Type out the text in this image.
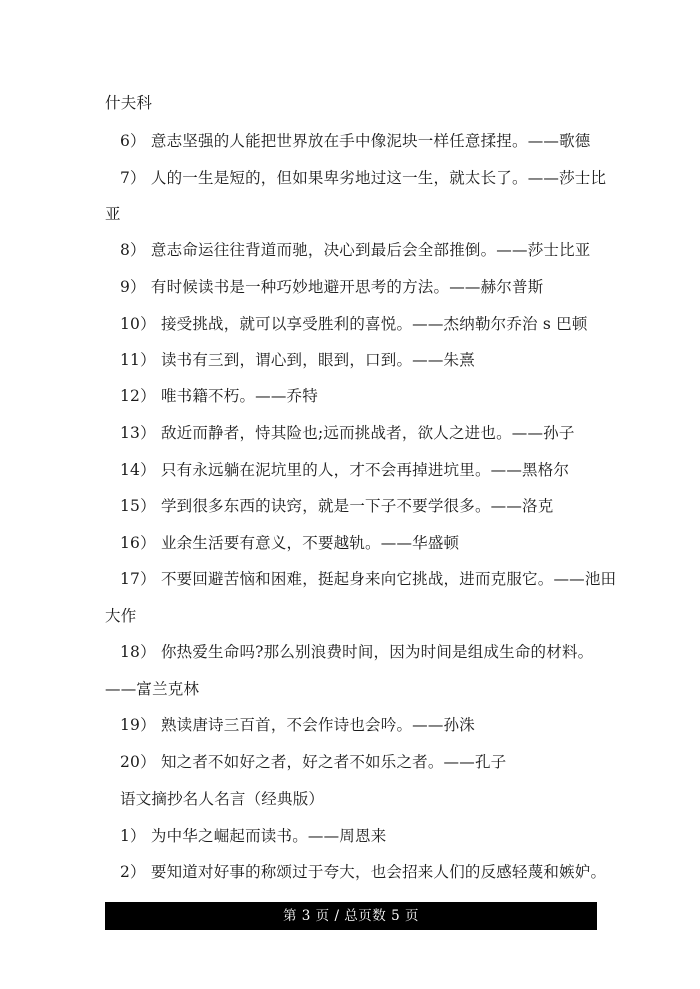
什夫科
6） 意志坚强的人能把世界放在手中像泥块一样任意揉捏。——歌德
7） 人的一生是短的，但如果卑劣地过这一生，就太长了。——莎士比
亚
8） 意志命运往往背道而驰，决心到最后会全部推倒。——莎士比亚
9） 有时候读书是一种巧妙地避开思考的方法。——赫尔普斯
10） 接受挑战，就可以享受胜利的喜悦。——杰纳勒尔乔治 s 巴顿
11） 读书有三到，谓心到，眼到，口到。——朱熹
12） 唯书籍不朽。——乔特
13） 敌近而静者，恃其险也;远而挑战者，欲人之进也。——孙子
14） 只有永远躺在泥坑里的人，才不会再掉进坑里。——黑格尔
15） 学到很多东西的诀窍，就是一下子不要学很多。——洛克
16） 业余生活要有意义，不要越轨。——华盛顿
17） 不要回避苦恼和困难，挺起身来向它挑战，进而克服它。——池田
大作
18） 你热爱生命吗?那么别浪费时间，因为时间是组成生命的材料。
——富兰克林
19） 熟读唐诗三百首，不会作诗也会吟。——孙洙
20） 知之者不如好之者，好之者不如乐之者。——孔子
语文摘抄名人名言（经典版）
1） 为中华之崛起而读书。——周恩来
2） 要知道对好事的称颂过于夸大，也会招来人们的反感轻蔑和嫉妒。
第 3 页 / 总页数 5 页
